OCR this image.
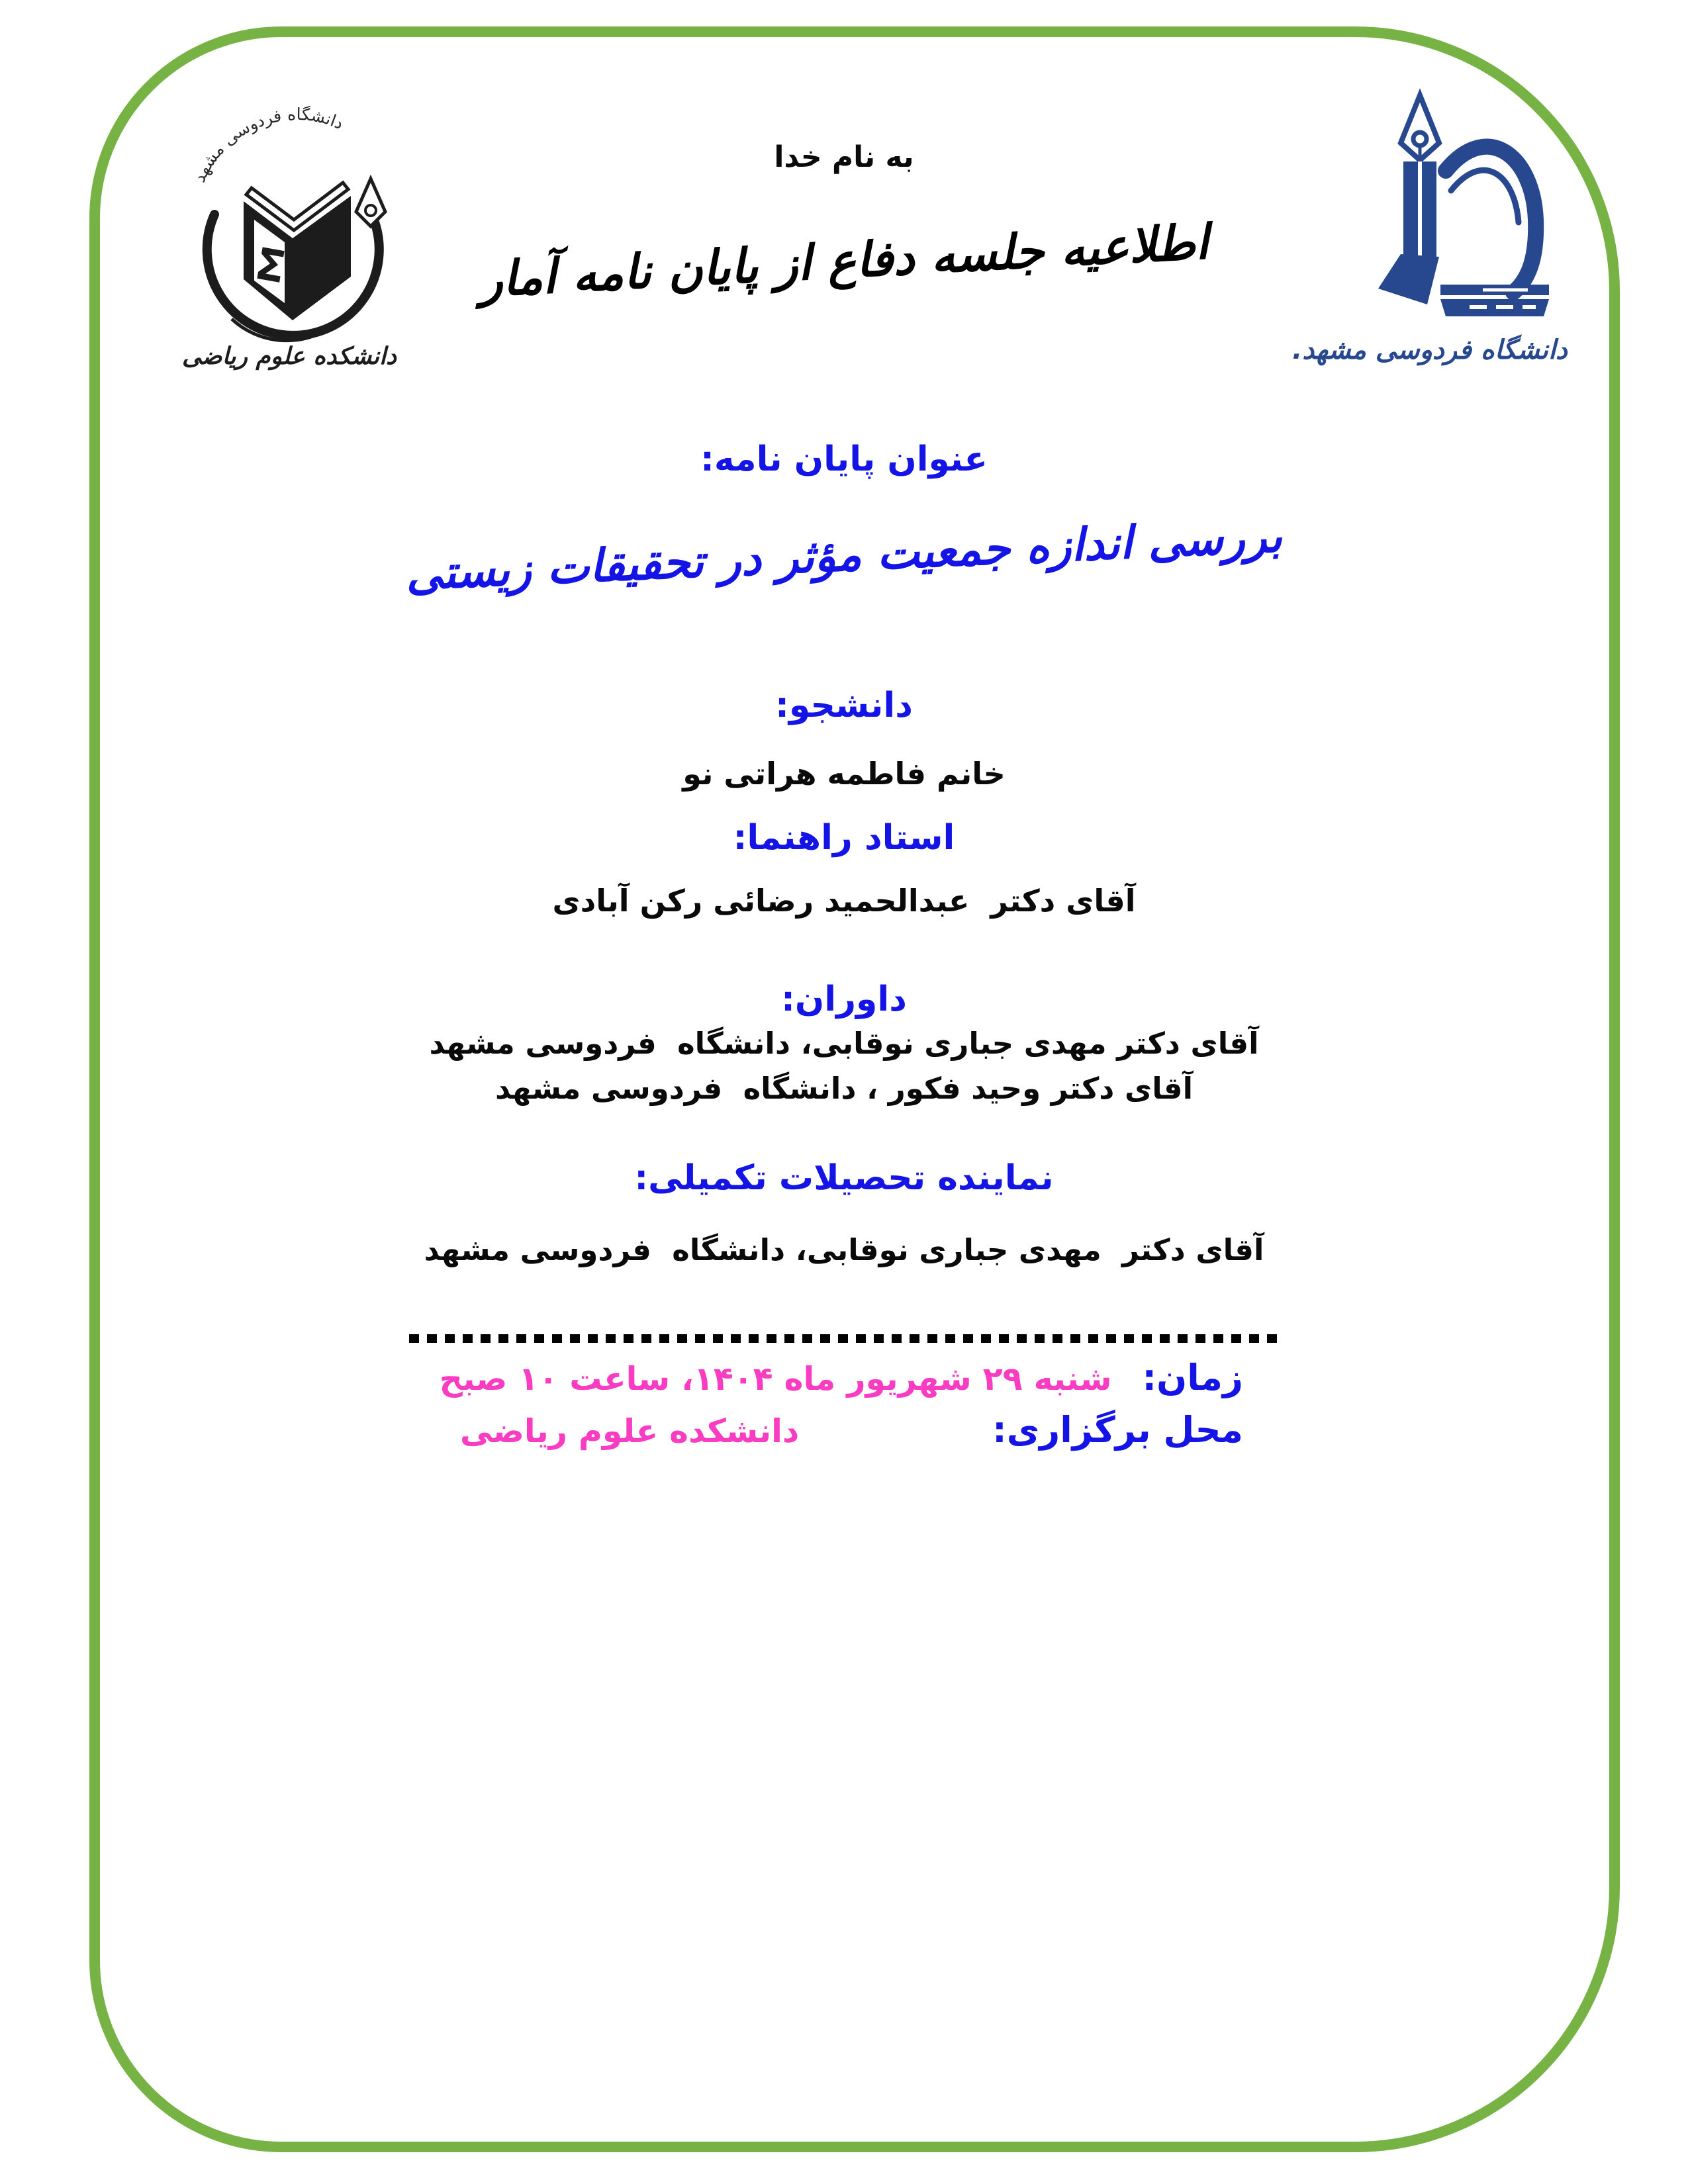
دانشگاه فردوسی مشهد
Σ
دانشکده علوم ریاضی	دانشگاه فردوسی مشهد.
به نام خدا
اطلاعیه جلسه دفاع از پایان نامه آمار
عنوان پایان نامه:
بررسی اندازه جمعیت مؤثر در تحقیقات زیستی
دانشجو:
خانم فاطمه هراتی نو
استاد راهنما:
آقای دکتر  عبدالحمید رضائی رکن آبادی
داوران:
آقای دکتر مهدی جباری نوقابی، دانشگاه  فردوسی مشهد
آقای دکتر وحید فکور ، دانشگاه  فردوسی مشهد
نماینده تحصیلات تکمیلی:
آقای دکتر  مهدی جباری نوقابی، دانشگاه  فردوسی مشهد
زمان:
شنبه ۲۹ شهریور ماه ۱۴۰۴، ساعت ۱۰ صبح
محل برگزاری:
دانشکده علوم ریاضی
